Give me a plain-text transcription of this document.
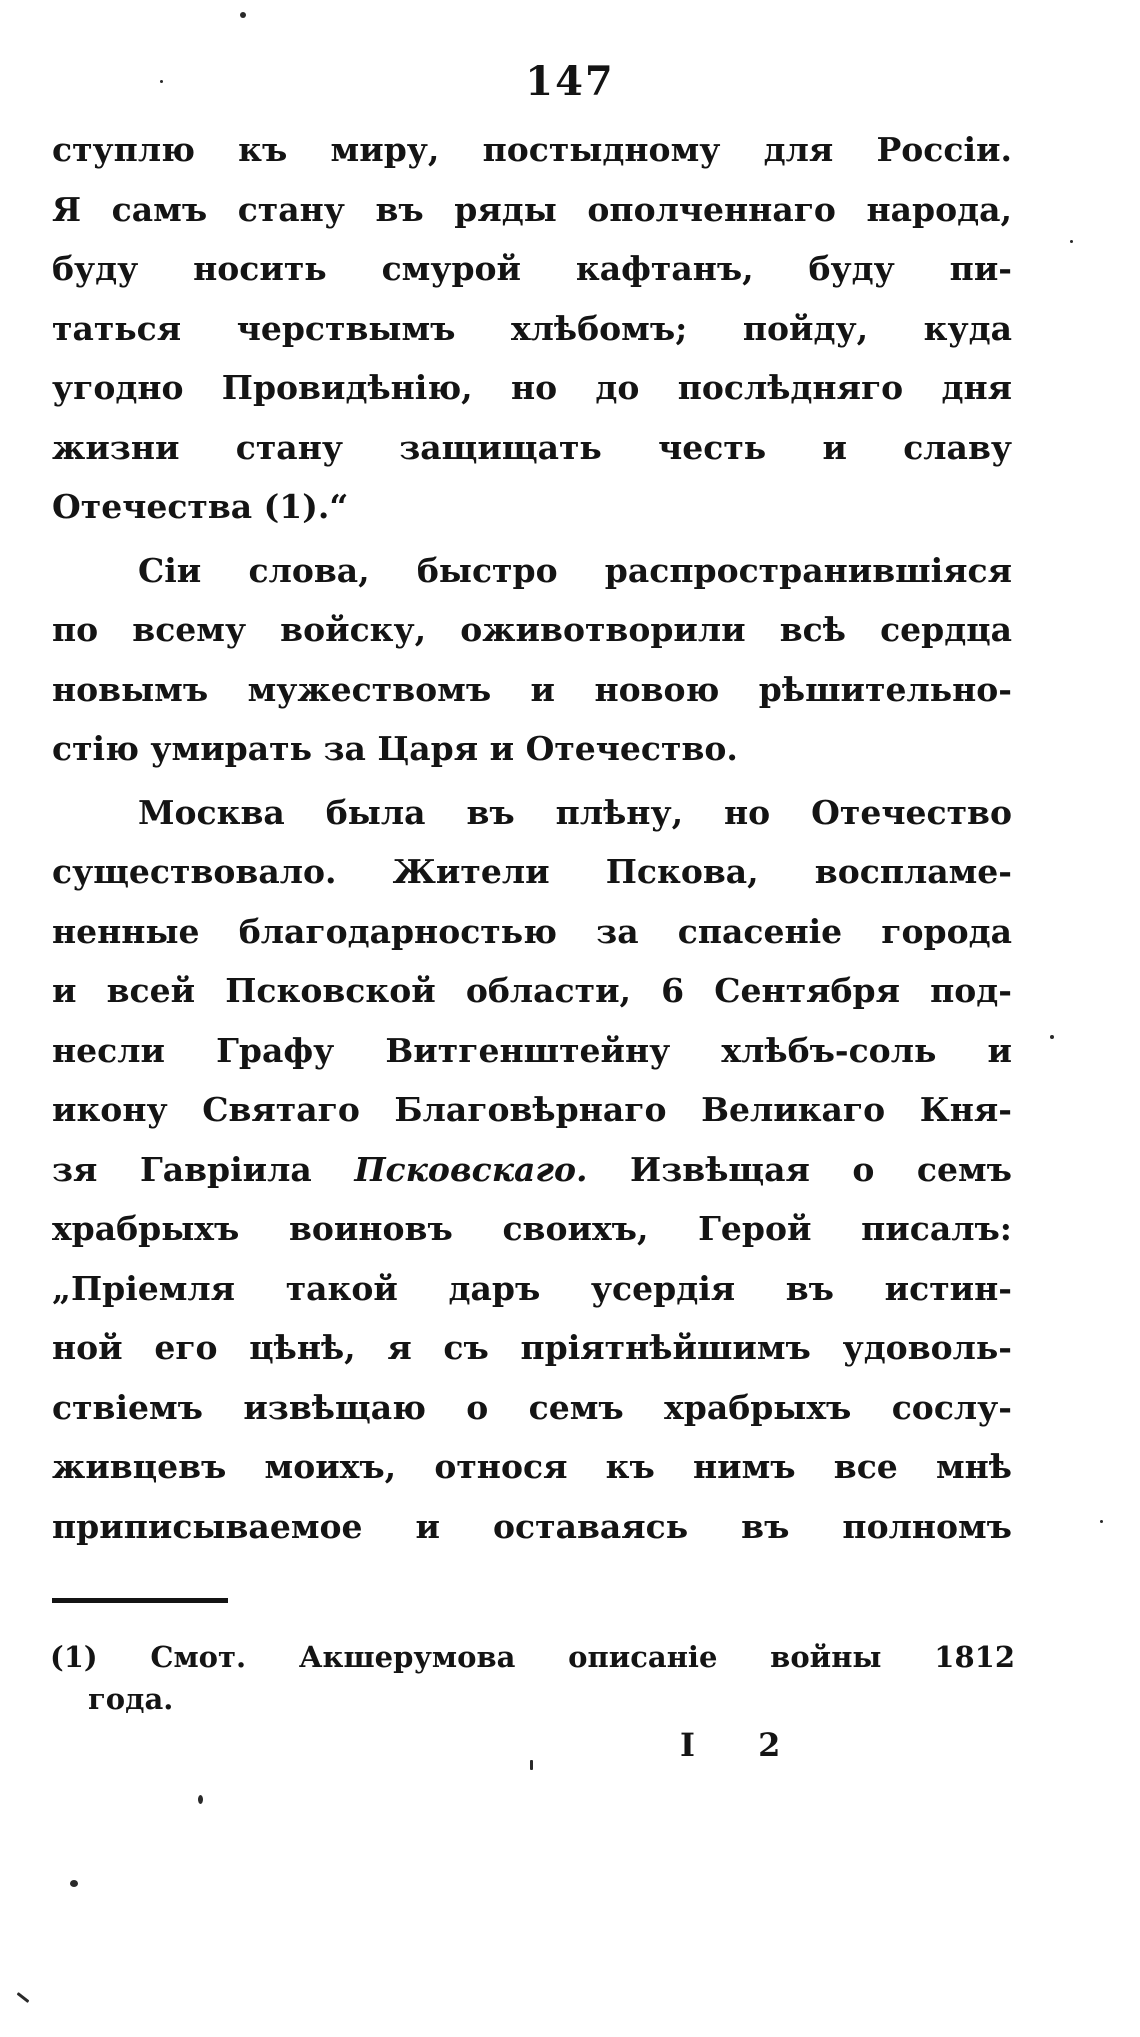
147
ступлю къ миру, постыдному для Россіи.
Я самъ стану въ ряды ополченнаго народа,
буду носить смурой кафтанъ, буду пи-
таться черствымъ хлѣбомъ; пойду, куда
угодно Провидѣнію, но до послѣдняго дня
жизни стану защищать честь и славу
Отечества (1).“
Сіи слова, быстро распространившіяся
по всему войску, оживотворили всѣ сердца
новымъ мужествомъ и новою рѣшительно-
стію умирать за Царя и Отечество.
Москва была въ плѣну, но Отечество
существовало. Жители Пскова, воспламе-
ненные благодарностью за спасеніе города
и всей Псковской области, 6 Сентября под-
несли Графу Витгенштейну хлѣбъ-соль и
икону Святаго Благовѣрнаго Великаго Кня-
зя Гавріила Псковскаго. Извѣщая о семъ
храбрыхъ воиновъ своихъ, Герой писалъ:
„Пріемля такой даръ усердія въ истин-
ной его цѣнѣ, я съ пріятнѣйшимъ удоволь-
ствіемъ извѣщаю о семъ храбрыхъ сослу-
живцевъ моихъ, относя къ нимъ все мнѣ
приписываемое и оставаясь въ полномъ
(1) Смот. Акшерумова описаніе войны 1812
года.
I 2
